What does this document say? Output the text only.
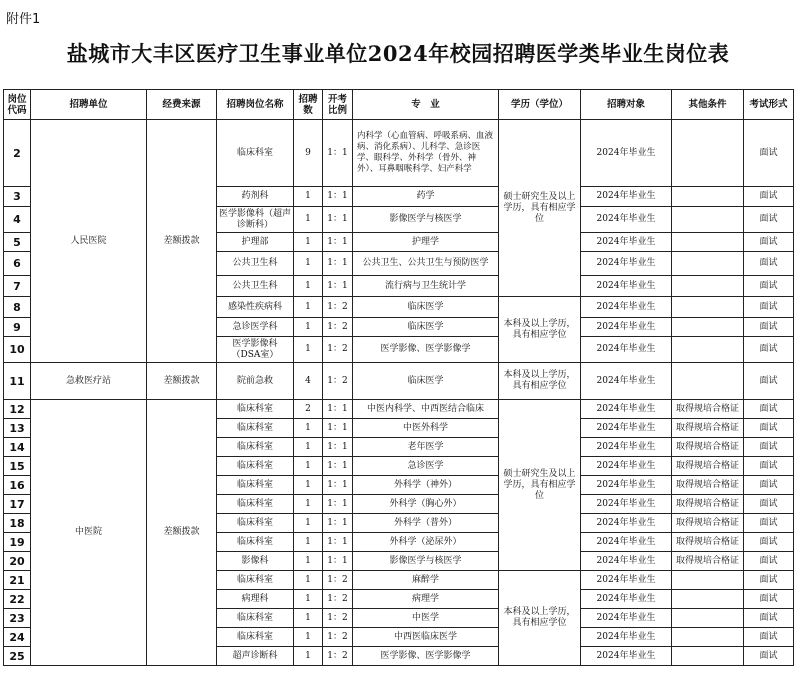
附件1
盐城市大丰区医疗卫生事业单位2024年校园招聘医学类毕业生岗位表
岗位代码	招聘单位	经费来源	招聘岗位名称	招聘数	开考比例	专　业	学历（学位）	招聘对象	其他条件	考试形式
2	人民医院	差额拨款	临床科室	9	1：1	内科学（心血管病、呼吸系病、血液病、消化系病）、儿科学、急诊医学、眼科学、外科学（骨外、神外）、耳鼻咽喉科学、妇产科学	硕士研究生及以上学历，具有相应学位	2024年毕业生		面试
3			药剂科	1	1：1	药学		2024年毕业生		面试
4			医学影像科（超声诊断科）	1	1：1	影像医学与核医学		2024年毕业生		面试
5			护理部	1	1：1	护理学		2024年毕业生		面试
6			公共卫生科	1	1：1	公共卫生、公共卫生与预防医学		2024年毕业生		面试
7			公共卫生科	1	1：1	流行病与卫生统计学		2024年毕业生		面试
8			感染性疾病科	1	1：2	临床医学	本科及以上学历，具有相应学位	2024年毕业生		面试
9			急诊医学科	1	1：2	临床医学		2024年毕业生		面试
10			医学影像科（DSA室）	1	1：2	医学影像、医学影像学		2024年毕业生		面试
11	急救医疗站	差额拨款	院前急救	4	1：2	临床医学	本科及以上学历，具有相应学位	2024年毕业生		面试
12	中医院	差额拨款	临床科室	2	1：1	中医内科学、中西医结合临床	硕士研究生及以上学历，具有相应学位	2024年毕业生	取得规培合格证	面试
13			临床科室	1	1：1	中医外科学		2024年毕业生	取得规培合格证	面试
14			临床科室	1	1：1	老年医学		2024年毕业生	取得规培合格证	面试
15			临床科室	1	1：1	急诊医学		2024年毕业生	取得规培合格证	面试
16			临床科室	1	1：1	外科学（神外）		2024年毕业生	取得规培合格证	面试
17			临床科室	1	1：1	外科学（胸心外）		2024年毕业生	取得规培合格证	面试
18			临床科室	1	1：1	外科学（普外）		2024年毕业生	取得规培合格证	面试
19			临床科室	1	1：1	外科学（泌尿外）		2024年毕业生	取得规培合格证	面试
20			影像科	1	1：1	影像医学与核医学		2024年毕业生	取得规培合格证	面试
21			临床科室	1	1：2	麻醉学	本科及以上学历，具有相应学位	2024年毕业生		面试
22			病理科	1	1：2	病理学		2024年毕业生		面试
23			临床科室	1	1：2	中医学		2024年毕业生		面试
24			临床科室	1	1：2	中西医临床医学		2024年毕业生		面试
25			超声诊断科	1	1：2	医学影像、医学影像学		2024年毕业生		面试
